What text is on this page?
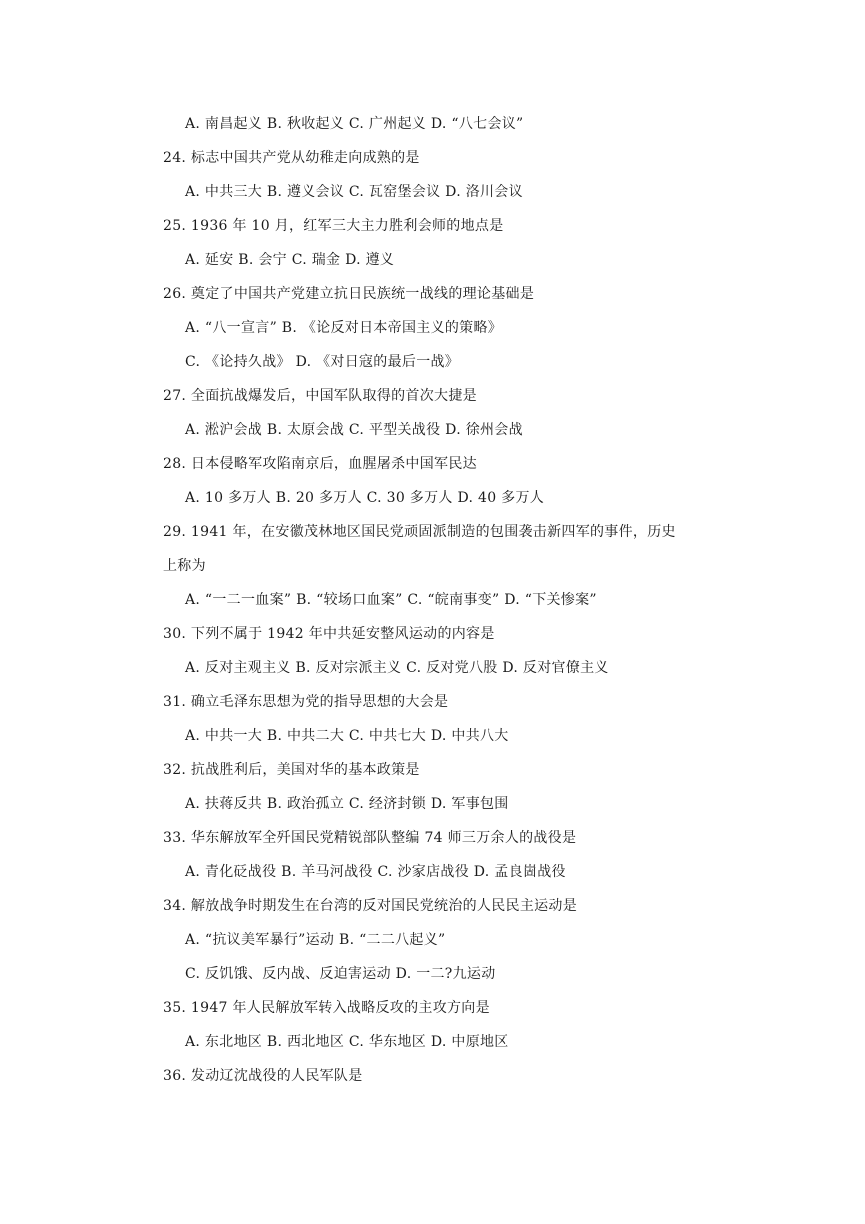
A. 南昌起义 B. 秋收起义 C. 广州起义 D. “八七会议”
24. 标志中国共产党从幼稚走向成熟的是
A. 中共三大 B. 遵义会议 C. 瓦窑堡会议 D. 洛川会议
25. 1936 年 10 月，红军三大主力胜利会师的地点是
A. 延安 B. 会宁 C. 瑞金 D. 遵义
26. 奠定了中国共产党建立抗日民族统一战线的理论基础是
A. “八一宣言” B. 《论反对日本帝国主义的策略》
C. 《论持久战》 D. 《对日寇的最后一战》
27. 全面抗战爆发后，中国军队取得的首次大捷是
A. 淞沪会战 B. 太原会战 C. 平型关战役 D. 徐州会战
28. 日本侵略军攻陷南京后，血腥屠杀中国军民达
A. 10 多万人 B. 20 多万人 C. 30 多万人 D. 40 多万人
29. 1941 年，在安徽茂林地区国民党顽固派制造的包围袭击新四军的事件，历史
上称为
A. “一二一血案” B. “较场口血案” C. “皖南事变” D. “下关惨案”
30. 下列不属于 1942 年中共延安整风运动的内容是
A. 反对主观主义 B. 反对宗派主义 C. 反对党八股 D. 反对官僚主义
31. 确立毛泽东思想为党的指导思想的大会是
A. 中共一大 B. 中共二大 C. 中共七大 D. 中共八大
32. 抗战胜利后，美国对华的基本政策是
A. 扶蒋反共 B. 政治孤立 C. 经济封锁 D. 军事包围
33. 华东解放军全歼国民党精锐部队整编 74 师三万余人的战役是
A. 青化砭战役 B. 羊马河战役 C. 沙家店战役 D. 孟良崮战役
34. 解放战争时期发生在台湾的反对国民党统治的人民民主运动是
A. “抗议美军暴行”运动 B. “二二八起义”
C. 反饥饿、反内战、反迫害运动 D. 一二?九运动
35. 1947 年人民解放军转入战略反攻的主攻方向是
A. 东北地区 B. 西北地区 C. 华东地区 D. 中原地区
36. 发动辽沈战役的人民军队是
